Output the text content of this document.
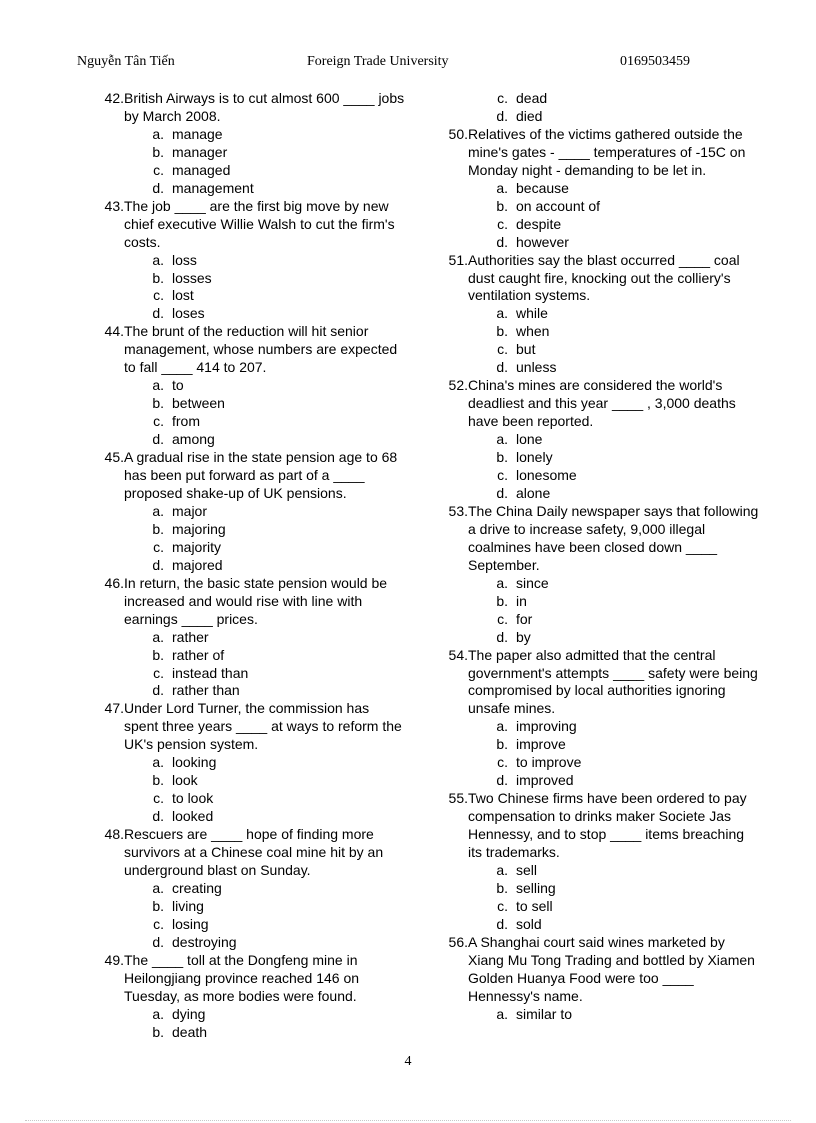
Nguyễn Tân Tiến	Foreign Trade University	0169503459
42. British Airways is to cut almost 600 ____ jobs by March 2008.
a. manage
b. manager
c. managed
d. management
43. The job ____ are the first big move by new chief executive Willie Walsh to cut the firm's costs.
a. loss
b. losses
c. lost
d. loses
44. The brunt of the reduction will hit senior management, whose numbers are expected to fall ____ 414 to 207.
a. to
b. between
c. from
d. among
45. A gradual rise in the state pension age to 68 has been put forward as part of a ____ proposed shake-up of UK pensions.
a. major
b. majoring
c. majority
d. majored
46. In return, the basic state pension would be increased and would rise with line with earnings ____ prices.
a. rather
b. rather of
c. instead than
d. rather than
47. Under Lord Turner, the commission has spent three years ____ at ways to reform the UK's pension system.
a. looking
b. look
c. to look
d. looked
48. Rescuers are ____ hope of finding more survivors at a Chinese coal mine hit by an underground blast on Sunday.
a. creating
b. living
c. losing
d. destroying
49. The ____ toll at the Dongfeng mine in Heilongjiang province reached 146 on Tuesday, as more bodies were found.
a. dying
b. death
c. dead
d. died
50. Relatives of the victims gathered outside the mine's gates - ____ temperatures of -15C on Monday night - demanding to be let in.
a. because
b. on account of
c. despite
d. however
51. Authorities say the blast occurred ____ coal dust caught fire, knocking out the colliery's ventilation systems.
a. while
b. when
c. but
d. unless
52. China's mines are considered the world's deadliest and this year ____ , 3,000 deaths have been reported.
a. lone
b. lonely
c. lonesome
d. alone
53. The China Daily newspaper says that following a drive to increase safety, 9,000 illegal coalmines have been closed down ____ September.
a. since
b. in
c. for
d. by
54. The paper also admitted that the central government's attempts ____ safety were being compromised by local authorities ignoring unsafe mines.
a. improving
b. improve
c. to improve
d. improved
55. Two Chinese firms have been ordered to pay compensation to drinks maker Societe Jas Hennessy, and to stop ____ items breaching its trademarks.
a. sell
b. selling
c. to sell
d. sold
56. A Shanghai court said wines marketed by Xiang Mu Tong Trading and bottled by Xiamen Golden Huanya Food were too ____ Hennessy's name.
a. similar to
4
